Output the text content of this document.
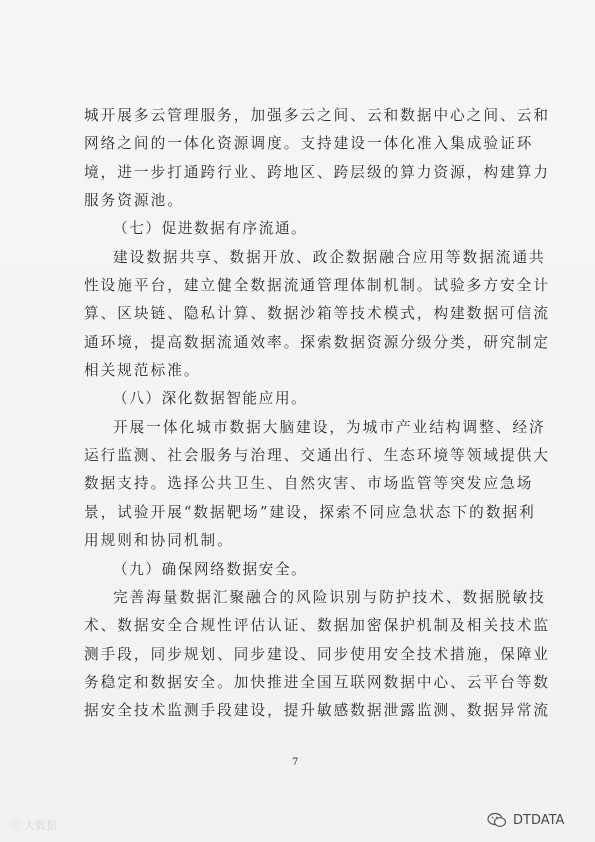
城开展多云管理服务，加强多云之间、云和数据中心之间、云和
网络之间的一体化资源调度。支持建设一体化准入集成验证环
境，进一步打通跨行业、跨地区、跨层级的算力资源，构建算力
服务资源池。
（七）促进数据有序流通。
建设数据共享、数据开放、政企数据融合应用等数据流通共
性设施平台，建立健全数据流通管理体制机制。试验多方安全计
算、区块链、隐私计算、数据沙箱等技术模式，构建数据可信流
通环境，提高数据流通效率。探索数据资源分级分类，研究制定
相关规范标准。
（八）深化数据智能应用。
开展一体化城市数据大脑建设，为城市产业结构调整、经济
运行监测、社会服务与治理、交通出行、生态环境等领域提供大
数据支持。选择公共卫生、自然灾害、市场监管等突发应急场
景，试验开展“数据靶场”建设，探索不同应急状态下的数据利
用规则和协同机制。
（九）确保网络数据安全。
完善海量数据汇聚融合的风险识别与防护技术、数据脱敏技
术、数据安全合规性评估认证、数据加密保护机制及相关技术监
测手段，同步规划、同步建设、同步使用安全技术措施，保障业
务稳定和数据安全。加快推进全国互联网数据中心、云平台等数
据安全技术监测手段建设，提升敏感数据泄露监测、数据异常流
7
ⓒ 大数据	DTDATA
